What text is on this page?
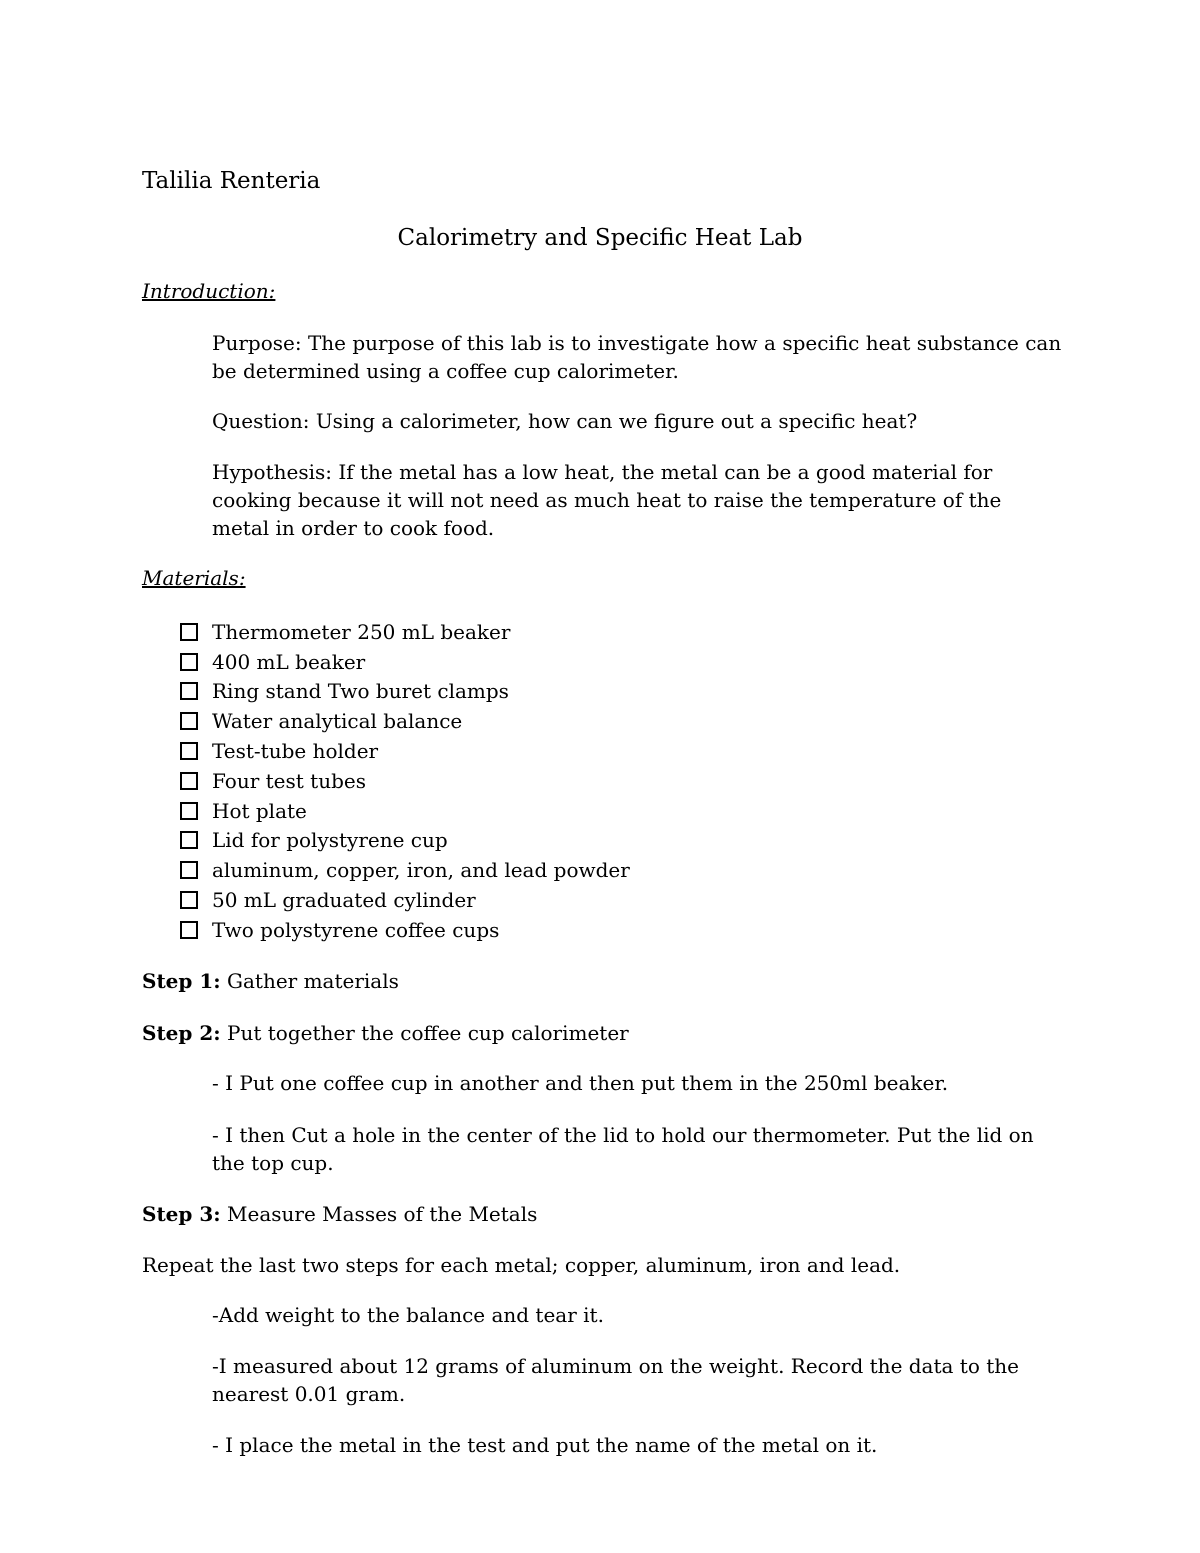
Talilia Renteria
Calorimetry and Specific Heat Lab
Introduction:
Purpose: The purpose of this lab is to investigate how a specific heat substance can be determined using a coffee cup calorimeter.
Question: Using a calorimeter, how can we figure out a specific heat?
Hypothesis: If the metal has a low heat, the metal can be a good material for cooking because it will not need as much heat to raise the temperature of the metal in order to cook food.
Materials:
Thermometer 250 mL beaker
400 mL beaker
Ring stand Two buret clamps
Water analytical balance
Test-tube holder
Four test tubes
Hot plate
Lid for polystyrene cup
aluminum, copper, iron, and lead powder
50 mL graduated cylinder
Two polystyrene coffee cups
Step 1: Gather materials
Step 2: Put together the coffee cup calorimeter
- I Put one coffee cup in another and then put them in the 250ml beaker.
- I then Cut a hole in the center of the lid to hold our thermometer. Put the lid on the top cup.
Step 3: Measure Masses of the Metals
Repeat the last two steps for each metal; copper, aluminum, iron and lead.
-Add weight to the balance and tear it.
-I measured about 12 grams of aluminum on the weight. Record the data to the nearest 0.01 gram.
- I place the metal in the test and put the name of the metal on it.
